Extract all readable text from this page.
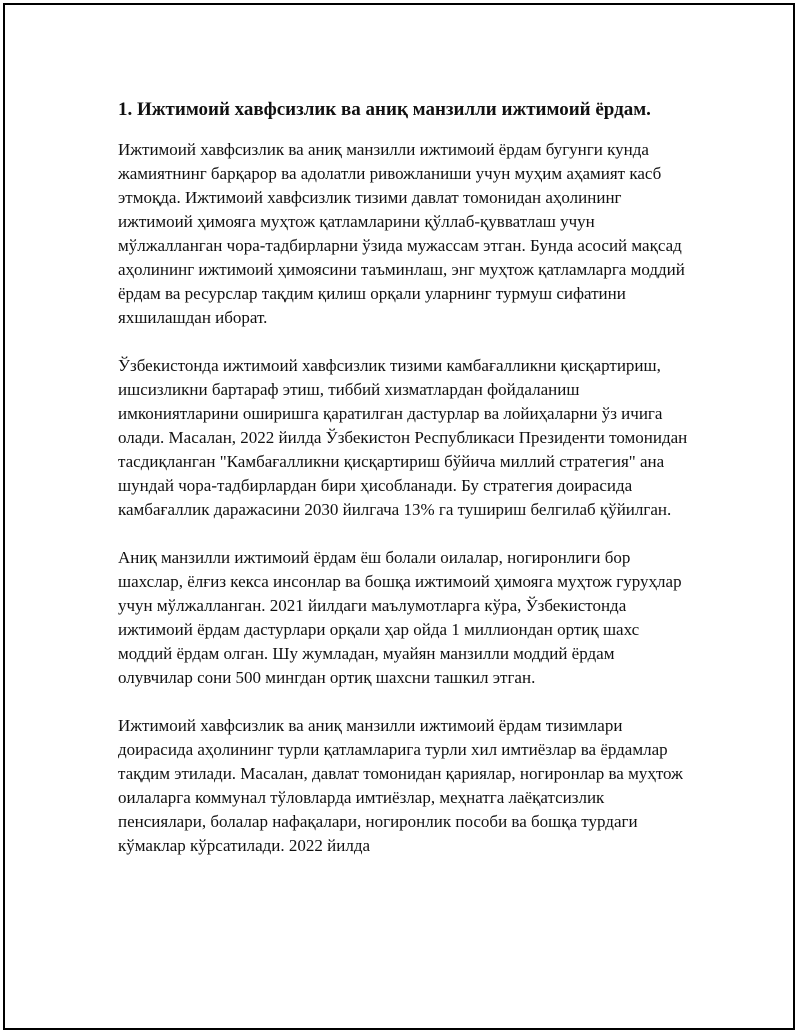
1. Ижтимоий хавфсизлик ва аниқ манзилли ижтимоий ёрдам.

Ижтимоий хавфсизлик ва аниқ манзилли ижтимоий ёрдам бугунги кунда жамиятнинг барқарор ва адолатли ривожланиши учун муҳим аҳамият касб этмоқда. Ижтимоий хавфсизлик тизими давлат томонидан аҳолининг ижтимоий ҳимояга муҳтож қатламларини қўллаб-қувватлаш учун мўлжалланган чора-тадбирларни ўзида мужассам этган. Бунда асосий мақсад аҳолининг ижтимоий ҳимоясини таъминлаш, энг муҳтож қатламларга моддий ёрдам ва ресурслар тақдим қилиш орқали уларнинг турмуш сифатини яхшилашдан иборат.

Ўзбекистонда ижтимоий хавфсизлик тизими камбағалликни қисқартириш, ишсизликни бартараф этиш, тиббий хизматлардан фойдаланиш имкониятларини оширишга қаратилган дастурлар ва лойиҳаларни ўз ичига олади. Масалан, 2022 йилда Ўзбекистон Республикаси Президенти томонидан тасдиқланган "Камбағалликни қисқартириш бўйича миллий стратегия" ана шундай чора-тадбирлардан бири ҳисобланади. Бу стратегия доирасида камбағаллик даражасини 2030 йилгача 13% га тушириш белгилаб қўйилган.

Аниқ манзилли ижтимоий ёрдам ёш болали оилалар, ногиронлиги бор шахслар, ёлғиз кекса инсонлар ва бошқа ижтимоий ҳимояга муҳтож гуруҳлар учун мўлжалланган. 2021 йилдаги маълумотларга кўра, Ўзбекистонда ижтимоий ёрдам дастурлари орқали ҳар ойда 1 миллиондан ортиқ шахс моддий ёрдам олган. Шу жумладан, муайян манзилли моддий ёрдам олувчилар сони 500 мингдан ортиқ шахсни ташкил этган.

Ижтимоий хавфсизлик ва аниқ манзилли ижтимоий ёрдам тизимлари доирасида аҳолининг турли қатламларига турли хил имтиёзлар ва ёрдамлар тақдим этилади. Масалан, давлат томонидан қариялар, ногиронлар ва муҳтож оилаларга коммунал тўловларда имтиёзлар, меҳнатга лаёқатсизлик пенсиялари, болалар нафақалари, ногиронлик пособи ва бошқа турдаги кўмаклар кўрсатилади. 2022 йилда
